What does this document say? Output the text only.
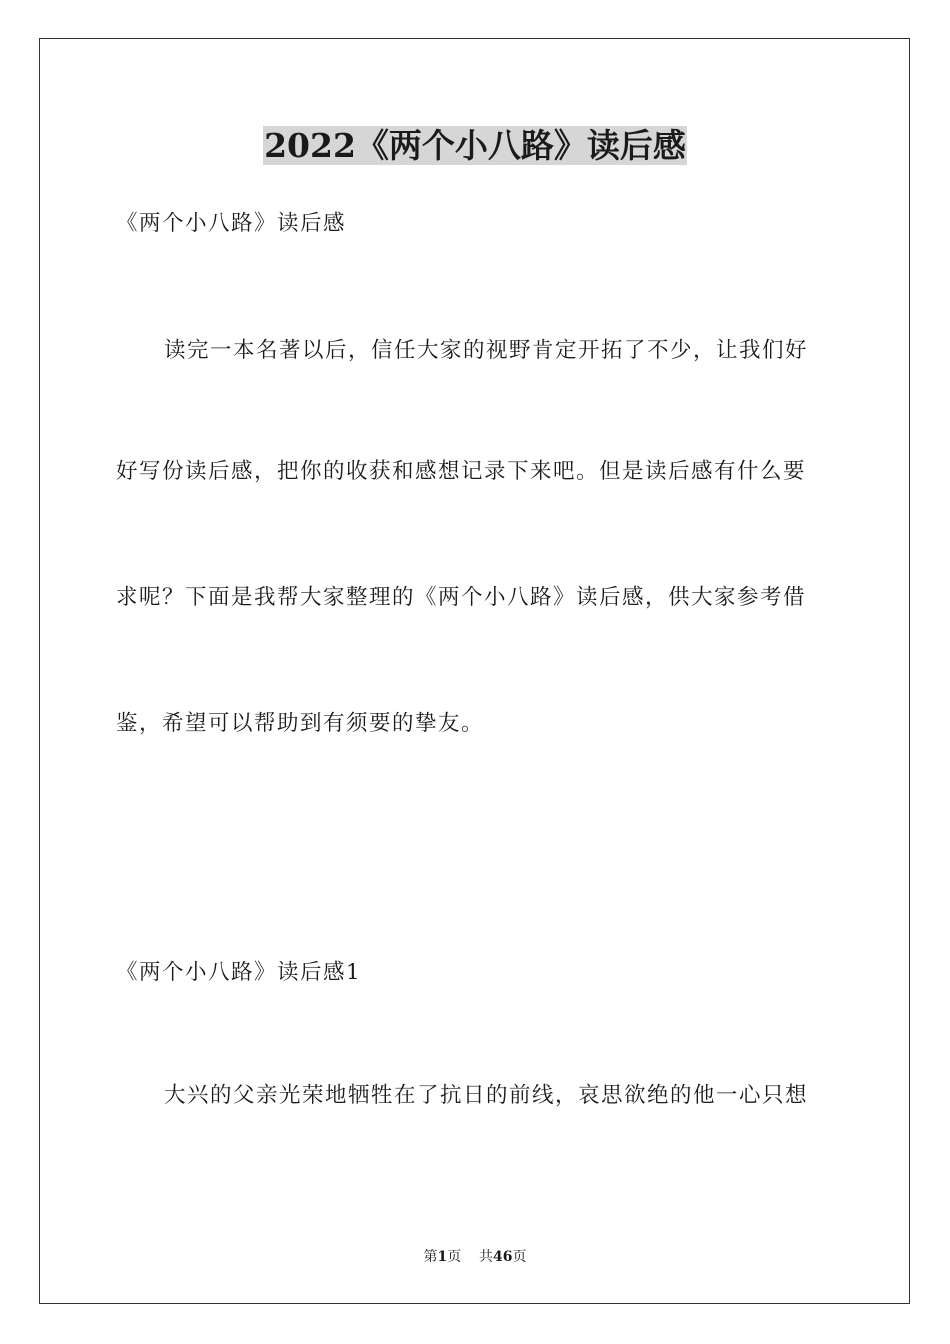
2022《两个小八路》读后感
《两个小八路》读后感
读完一本名著以后，信任大家的视野肯定开拓了不少，让我们好
好写份读后感，把你的收获和感想记录下来吧。但是读后感有什么要
求呢？下面是我帮大家整理的《两个小八路》读后感，供大家参考借
鉴，希望可以帮助到有须要的挚友。
《两个小八路》读后感1
大兴的父亲光荣地牺牲在了抗日的前线，哀思欲绝的他一心只想
第1页 共46页
